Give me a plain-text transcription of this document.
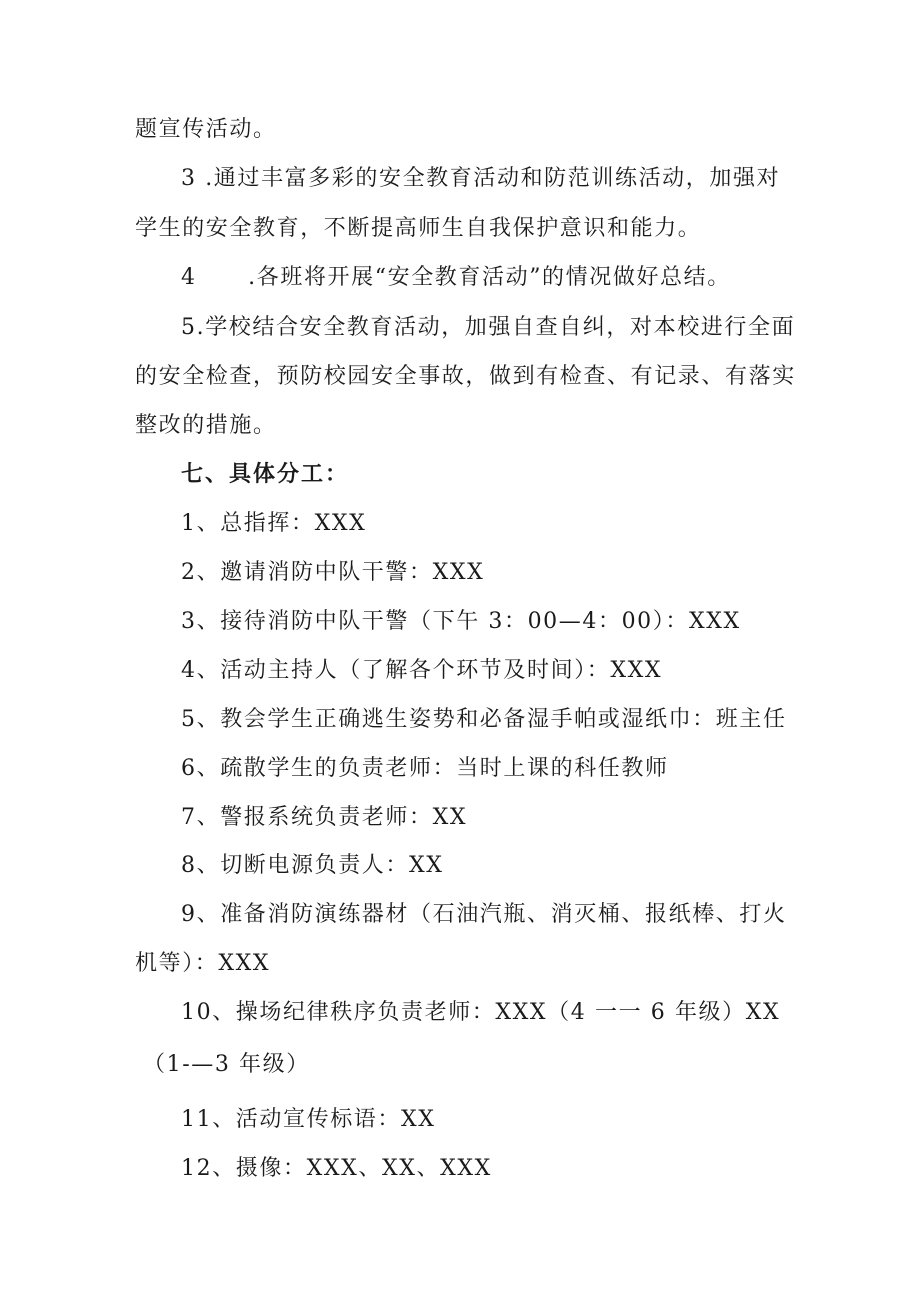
题宣传活动。
3 .通过丰富多彩的安全教育活动和防范训练活动，加强对
学生的安全教育，不断提高师生自我保护意识和能力。
4      .各班将开展“安全教育活动”的情况做好总结。
5.学校结合安全教育活动，加强自查自纠，对本校进行全面
的安全检查，预防校园安全事故，做到有检查、有记录、有落实
整改的措施。
七、具体分工：
1、总指挥：XXX
2、邀请消防中队干警：XXX
3、接待消防中队干警（下午 3：00—4：00）：XXX
4、活动主持人（了解各个环节及时间）：XXX
5、教会学生正确逃生姿势和必备湿手帕或湿纸巾：班主任
6、疏散学生的负责老师：当时上课的科任教师
7、警报系统负责老师：XX
8、切断电源负责人：XX
9、准备消防演练器材（石油汽瓶、消灭桶、报纸棒、打火
机等）：XXX
10、操场纪律秩序负责老师：XXX（4 一一 6 年级）XX
（1-—3 年级）
11、活动宣传标语：XX
12、摄像：XXX、XX、XXX
